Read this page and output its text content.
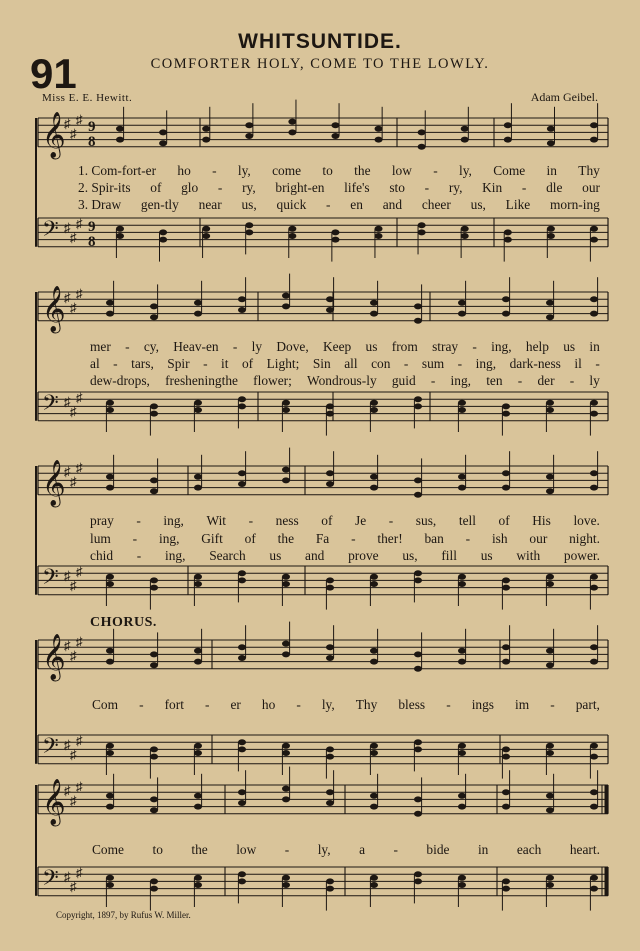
WHITSUNTIDE.
91	COMFORTER HOLY, COME TO THE LOWLY.
Miss E. E. Hewitt.	Adam Geibel.
CHORUS.
𝄞
♯
♯
♯
𝄢 ♯
♯
♯
𝄞
♯
♯
♯
𝄢 ♯
♯
♯
𝄞
♯
♯
♯
𝄢 ♯
♯
♯
𝄞
♯
♯
♯
𝄢 ♯
♯
♯
𝄞
♯
♯
♯
𝄢 ♯
♯
♯
9
8
9
8
1. Com-fort-er ho - ly, come to the low - ly, Come in Thy
2. Spir-its of glo - ry, bright-en life's sto - ry, Kin - dle our
3. Draw gen-tly near us, quick - en and cheer us, Like morn-ing
mer - cy, Heav-en - ly Dove, Keep us from stray - ing, help us in
al - tars, Spir - it of Light; Sin all con - sum - ing, dark-ness il -
dew-drops, fresheningthe flower; Wondrous-ly guid - ing, ten - der - ly
pray - ing, Wit - ness of Je - sus, tell of His love.
lum - ing, Gift of the Fa - ther! ban - ish our night.
chid - ing, Search us and prove us, fill us with power.
Com - fort - er ho - ly, Thy bless - ings im - part,
Come to the low - ly, a - bide in each heart.
Copyright, 1897, by Rufus W. Miller.
